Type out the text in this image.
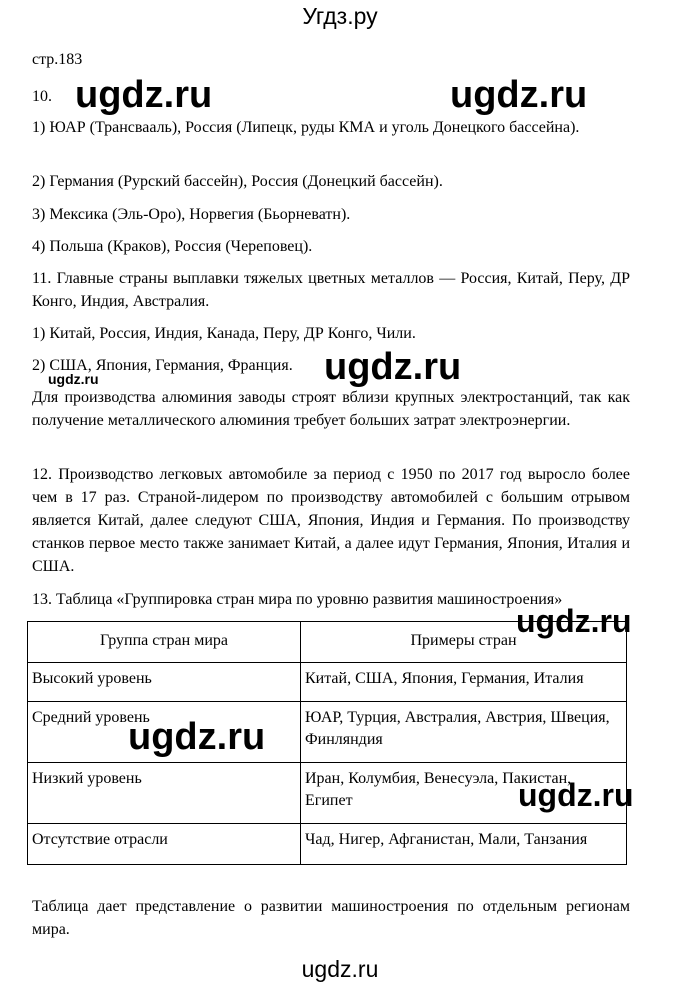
Угдз.ру
стр.183
10.
1) ЮАР (Трансвааль), Россия (Липецк, руды КМА и уголь Донецкого бассейна).
2) Германия (Рурский бассейн), Россия (Донецкий бассейн).
3) Мексика (Эль-Оро), Норвегия (Бьорневатн).
4) Польша (Краков), Россия (Череповец).
11. Главные страны выплавки тяжелых цветных металлов — Россия, Китай, Перу, ДР Конго, Индия, Австралия.
1) Китай, Россия, Индия, Канада, Перу, ДР Конго, Чили.
2) США, Япония, Германия, Франция.
Для производства алюминия заводы строят вблизи крупных электростанций, так как получение металлического алюминия требует больших затрат электроэнергии.
12. Производство легковых автомобиле за период с 1950 по 2017 год выросло более чем в 17 раз. Страной-лидером по производству автомобилей с большим отрывом является Китай, далее следуют США, Япония, Индия и Германия. По производству станков первое место также занимает Китай, а далее идут Германия, Япония, Италия и США.
13. Таблица «Группировка стран мира по уровню развития машиностроения»
Группа стран мира	Примеры стран
Высокий уровень	Китай, США, Япония, Германия, Италия
Средний уровень	ЮАР, Турция, Австралия, Австрия, Швеция, Финляндия
Низкий уровень	Иран, Колумбия, Венесуэла, Пакистан, Египет
Отсутствие отрасли	Чад, Нигер, Афганистан, Мали, Танзания
Таблица дает представление о развитии машиностроения по отдельным регионам мира.
ugdz.ru	ugdz.ru
ugdz.ru
ugdz.ru
ugdz.ru
ugdz.ru
ugdz.ru
ugdz.ru
